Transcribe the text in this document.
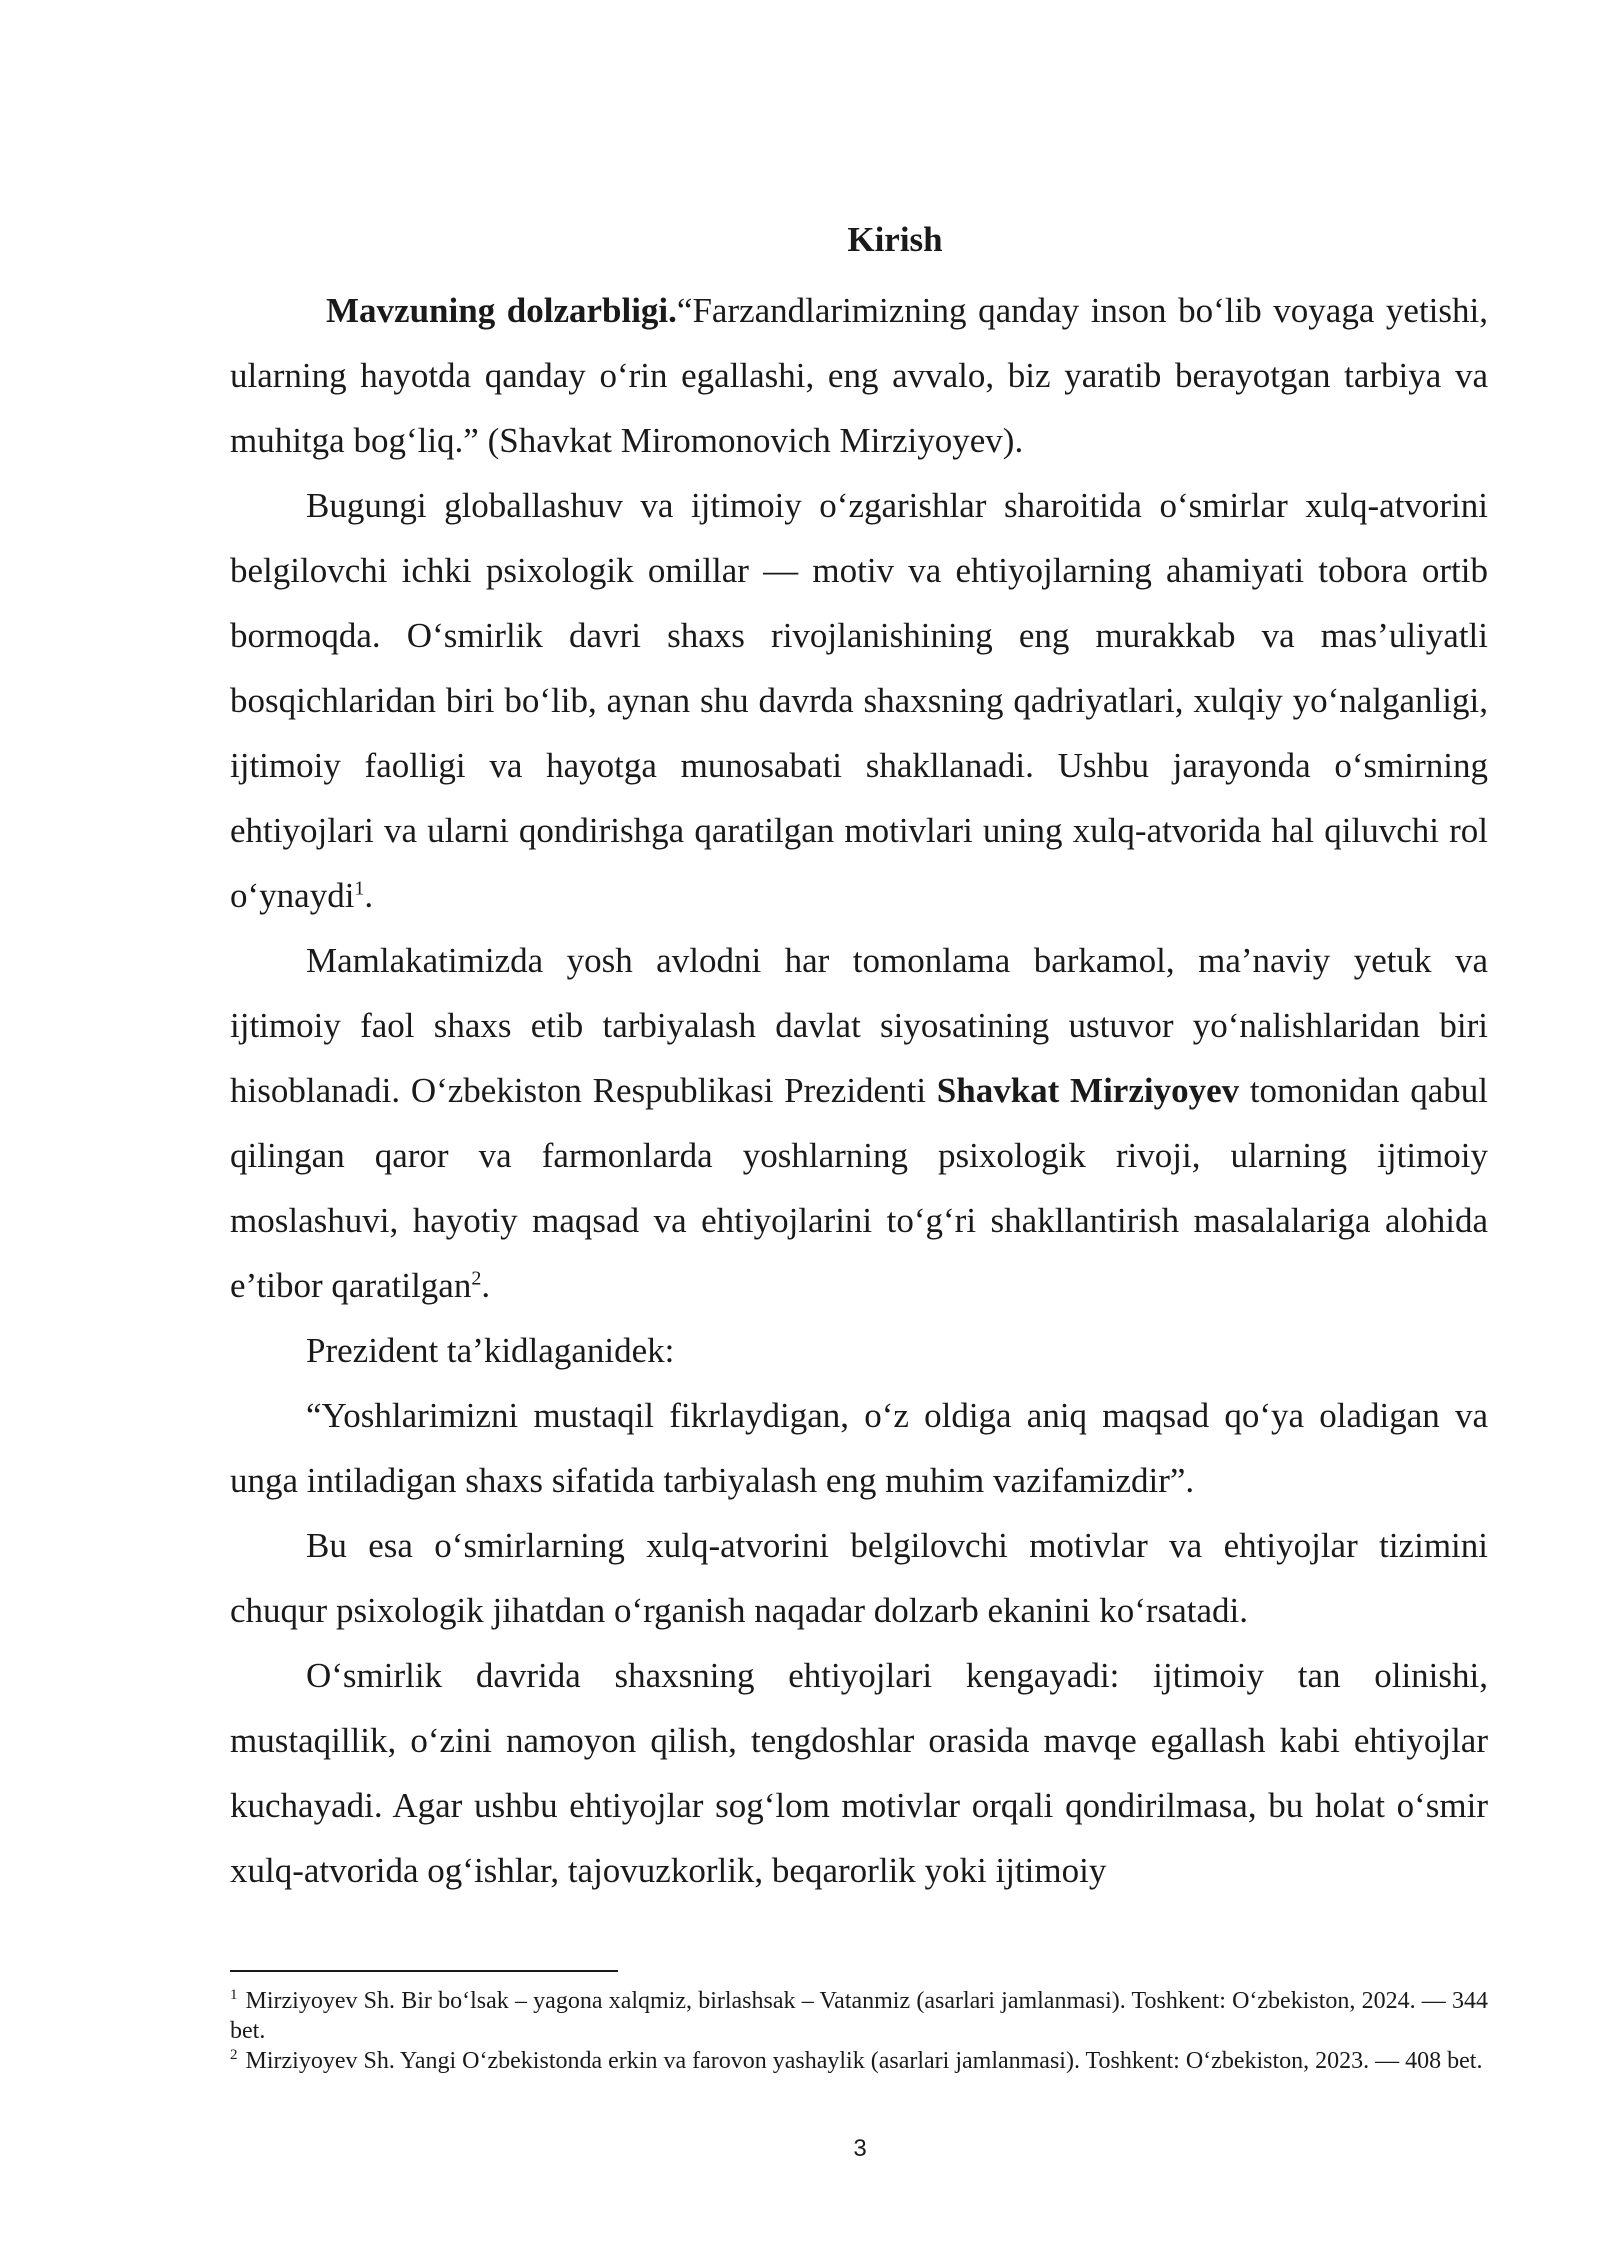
Kirish

Mavzuning dolzarbligi.“Farzandlarimizning qanday inson bo‘lib voyaga yetishi, ularning hayotda qanday o‘rin egallashi, eng avvalo, biz yaratib berayotgan tarbiya va muhitga bog‘liq.” (Shavkat Miromonovich Mirziyoyev).

Bugungi globallashuv va ijtimoiy o‘zgarishlar sharoitida o‘smirlar xulq-atvorini belgilovchi ichki psixologik omillar — motiv va ehtiyojlarning ahamiyati tobora ortib bormoqda. O‘smirlik davri shaxs rivojlanishining eng murakkab va mas’uliyatli bosqichlaridan biri bo‘lib, aynan shu davrda shaxsning qadriyatlari, xulqiy yo‘nalganligi, ijtimoiy faolligi va hayotga munosabati shakllanadi. Ushbu jarayonda o‘smirning ehtiyojlari va ularni qondirishga qaratilgan motivlari uning xulq-atvorida hal qiluvchi rol o‘ynaydi$^1$.

Mamlakatimizda yosh avlodni har tomonlama barkamol, ma’naviy yetuk va ijtimoiy faol shaxs etib tarbiyalash davlat siyosatining ustuvor yo‘nalishlaridan biri hisoblanadi. O‘zbekiston Respublikasi Prezidenti Shavkat Mirziyoyev tomonidan qabul qilingan qaror va farmonlarda yoshlarning psixologik rivoji, ularning ijtimoiy moslashuvi, hayotiy maqsad va ehtiyojlarini to‘g‘ri shakllantirish masalalariga alohida e’tibor qaratilgan$^2$.

Prezident ta’kidlaganidek:

“Yoshlarimizni mustaqil fikrlaydigan, o‘z oldiga aniq maqsad qo‘ya oladigan va unga intiladigan shaxs sifatida tarbiyalash eng muhim vazifamizdir”.

Bu esa o‘smirlarning xulq-atvorini belgilovchi motivlar va ehtiyojlar tizimini chuqur psixologik jihatdan o‘rganish naqadar dolzarb ekanini ko‘rsatadi.

O‘smirlik davrida shaxsning ehtiyojlari kengayadi: ijtimoiy tan olinishi, mustaqillik, o‘zini namoyon qilish, tengdoshlar orasida mavqe egallash kabi ehtiyojlar kuchayadi. Agar ushbu ehtiyojlar sog‘lom motivlar orqali qondirilmasa, bu holat o‘smir xulq-atvorida og‘ishlar, tajovuzkorlik, beqarorlik yoki ijtimoiy

$^1$ Mirziyoyev Sh. Bir bo‘lsak – yagona xalqmiz, birlashsak – Vatanmiz (asarlari jamlanmasi). Toshkent: O‘zbekiston, 2024. — 344 bet.

$^2$ Mirziyoyev Sh. Yangi O‘zbekistonda erkin va farovon yashaylik (asarlari jamlanmasi). Toshkent: O‘zbekiston, 2023. — 408 bet.

3
